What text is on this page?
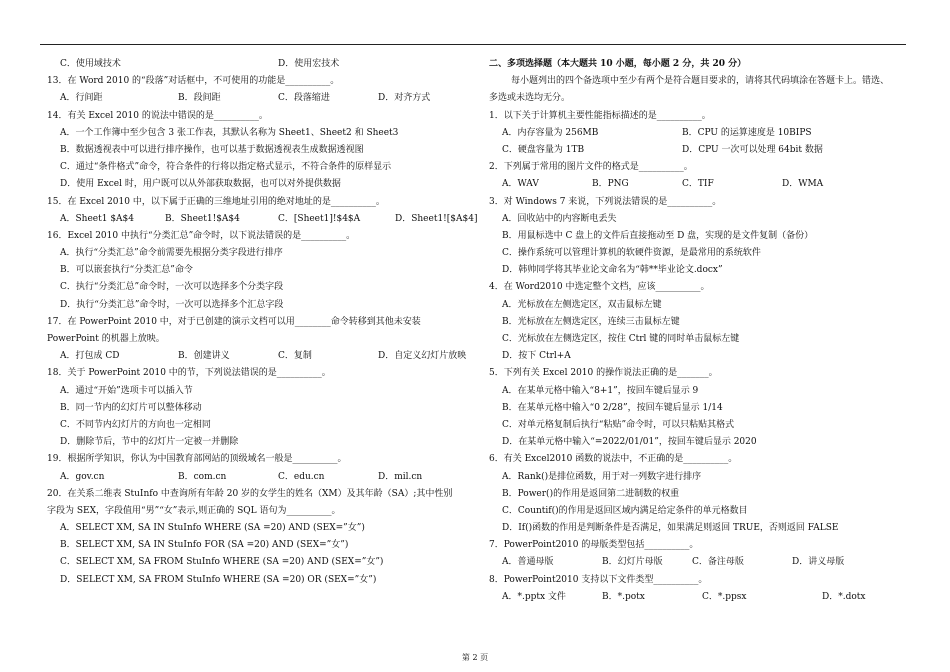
C．使用域技术	D．使用宏技术
13．在 Word 2010 的“段落”对话框中，不可使用的功能是__________。
A．行间距	B．段间距	C．段落缩进	D．对齐方式
14．有关 Excel 2010 的说法中错误的是__________。
A．一个工作簿中至少包含 3 张工作表，其默认名称为 Sheet1、Sheet2 和 Sheet3
B．数据透视表中可以进行排序操作，也可以基于数据透视表生成数据透视图
C．通过“条件格式”命令，符合条件的行将以指定格式显示，不符合条件的原样显示
D．使用 Excel 时，用户既可以从外部获取数据，也可以对外提供数据
15．在 Excel 2010 中，以下属于正确的三维地址引用的绝对地址的是__________。
A．Sheet1 $A$4	B．Sheet1!$A$4	C．[Sheet1]!$4$A	D．Sheet1![$A$4]
16．Excel 2010 中执行“分类汇总”命令时，以下说法错误的是__________。
A．执行“分类汇总”命令前需要先根据分类字段进行排序
B．可以嵌套执行“分类汇总”命令
C．执行“分类汇总”命令时，一次可以选择多个分类字段
D．执行“分类汇总”命令时，一次可以选择多个汇总字段
17．在 PowerPoint 2010 中，对于已创建的演示文档可以用________命令转移到其他未安装
PowerPoint 的机器上放映。
A．打包成 CD	B．创建讲义	C．复制	D．自定义幻灯片放映
18．关于 PowerPoint 2010 中的节，下列说法错误的是__________。
A．通过“开始”选项卡可以插入节
B．同一节内的幻灯片可以整体移动
C．不同节内幻灯片的方向也一定相同
D．删除节后，节中的幻灯片一定被一并删除
19．根据所学知识，你认为中国教育部网站的顶级域名一般是__________。
A．gov.cn	B．com.cn	C．edu.cn	D．mil.cn
20．在关系二维表 StuInfo 中查询所有年龄 20 岁的女学生的姓名（XM）及其年龄（SA）;其中性别
字段为 SEX，字段值用“男”“女”表示,则正确的 SQL 语句为__________。
A．SELECT XM, SA IN StuInfo WHERE (SA =20) AND (SEX=”女”)
B．SELECT XM, SA IN StuInfo FOR (SA =20) AND (SEX=”女”)
C．SELECT XM, SA FROM StuInfo WHERE (SA =20) AND (SEX=”女”)
D．SELECT XM, SA FROM StuInfo WHERE (SA =20) OR (SEX=”女”)
二、多项选择题（本大题共 10 小题，每小题 2 分，共 20 分）
每小题列出的四个备选项中至少有两个是符合题目要求的，请将其代码填涂在答题卡上。错选、
多选或未选均无分。
1．以下关于计算机主要性能指标描述的是__________。
A．内存容量为 256MB	B．CPU 的运算速度是 10BIPS
C．硬盘容量为 1TB	D．CPU 一次可以处理 64bit 数据
2．下列属于常用的图片文件的格式是__________。
A．WAV	B．PNG	C．TIF	D．WMA
3．对 Windows 7 来说，下列说法错误的是__________。
A．回收站中的内容断电丢失
B．用鼠标选中 C 盘上的文件后直接拖动至 D 盘，实现的是文件复制（备份）
C．操作系统可以管理计算机的软硬件资源，是最常用的系统软件
D．韩帅同学将其毕业论文命名为“韩**毕业论文.docx”
4．在 Word2010 中选定整个文档，应该__________。
A．光标放在左侧选定区，双击鼠标左键
B．光标放在左侧选定区，连续三击鼠标左键
C．光标放在左侧选定区，按住 Ctrl 键的同时单击鼠标左键
D．按下 Ctrl+A
5．下列有关 Excel 2010 的操作说法正确的是_______。
A．在某单元格中输入“8+1”，按回车键后显示 9
B．在某单元格中输入“0 2/28”，按回车键后显示 1/14
C．对单元格复制后执行“粘贴”命令时，可以只粘贴其格式
D．在某单元格中输入“=2022/01/01”，按回车键后显示 2020
6．有关 Excel2010 函数的说法中，不正确的是__________。
A．Rank()是排位函数，用于对一列数字进行排序
B．Power()的作用是返回第二进制数的权重
C．Countif()的作用是返回区域内满足给定条件的单元格数目
D．If()函数的作用是判断条件是否满足，如果满足则返回 TRUE，否则返回 FALSE
7．PowerPoint2010 的母版类型包括__________。
A．普通母版	B．幻灯片母版	C．备注母版	D．讲义母版
8．PowerPoint2010 支持以下文件类型__________。
A．*.pptx 文件	B．*.potx	C．*.ppsx	D．*.dotx
第 2 页
